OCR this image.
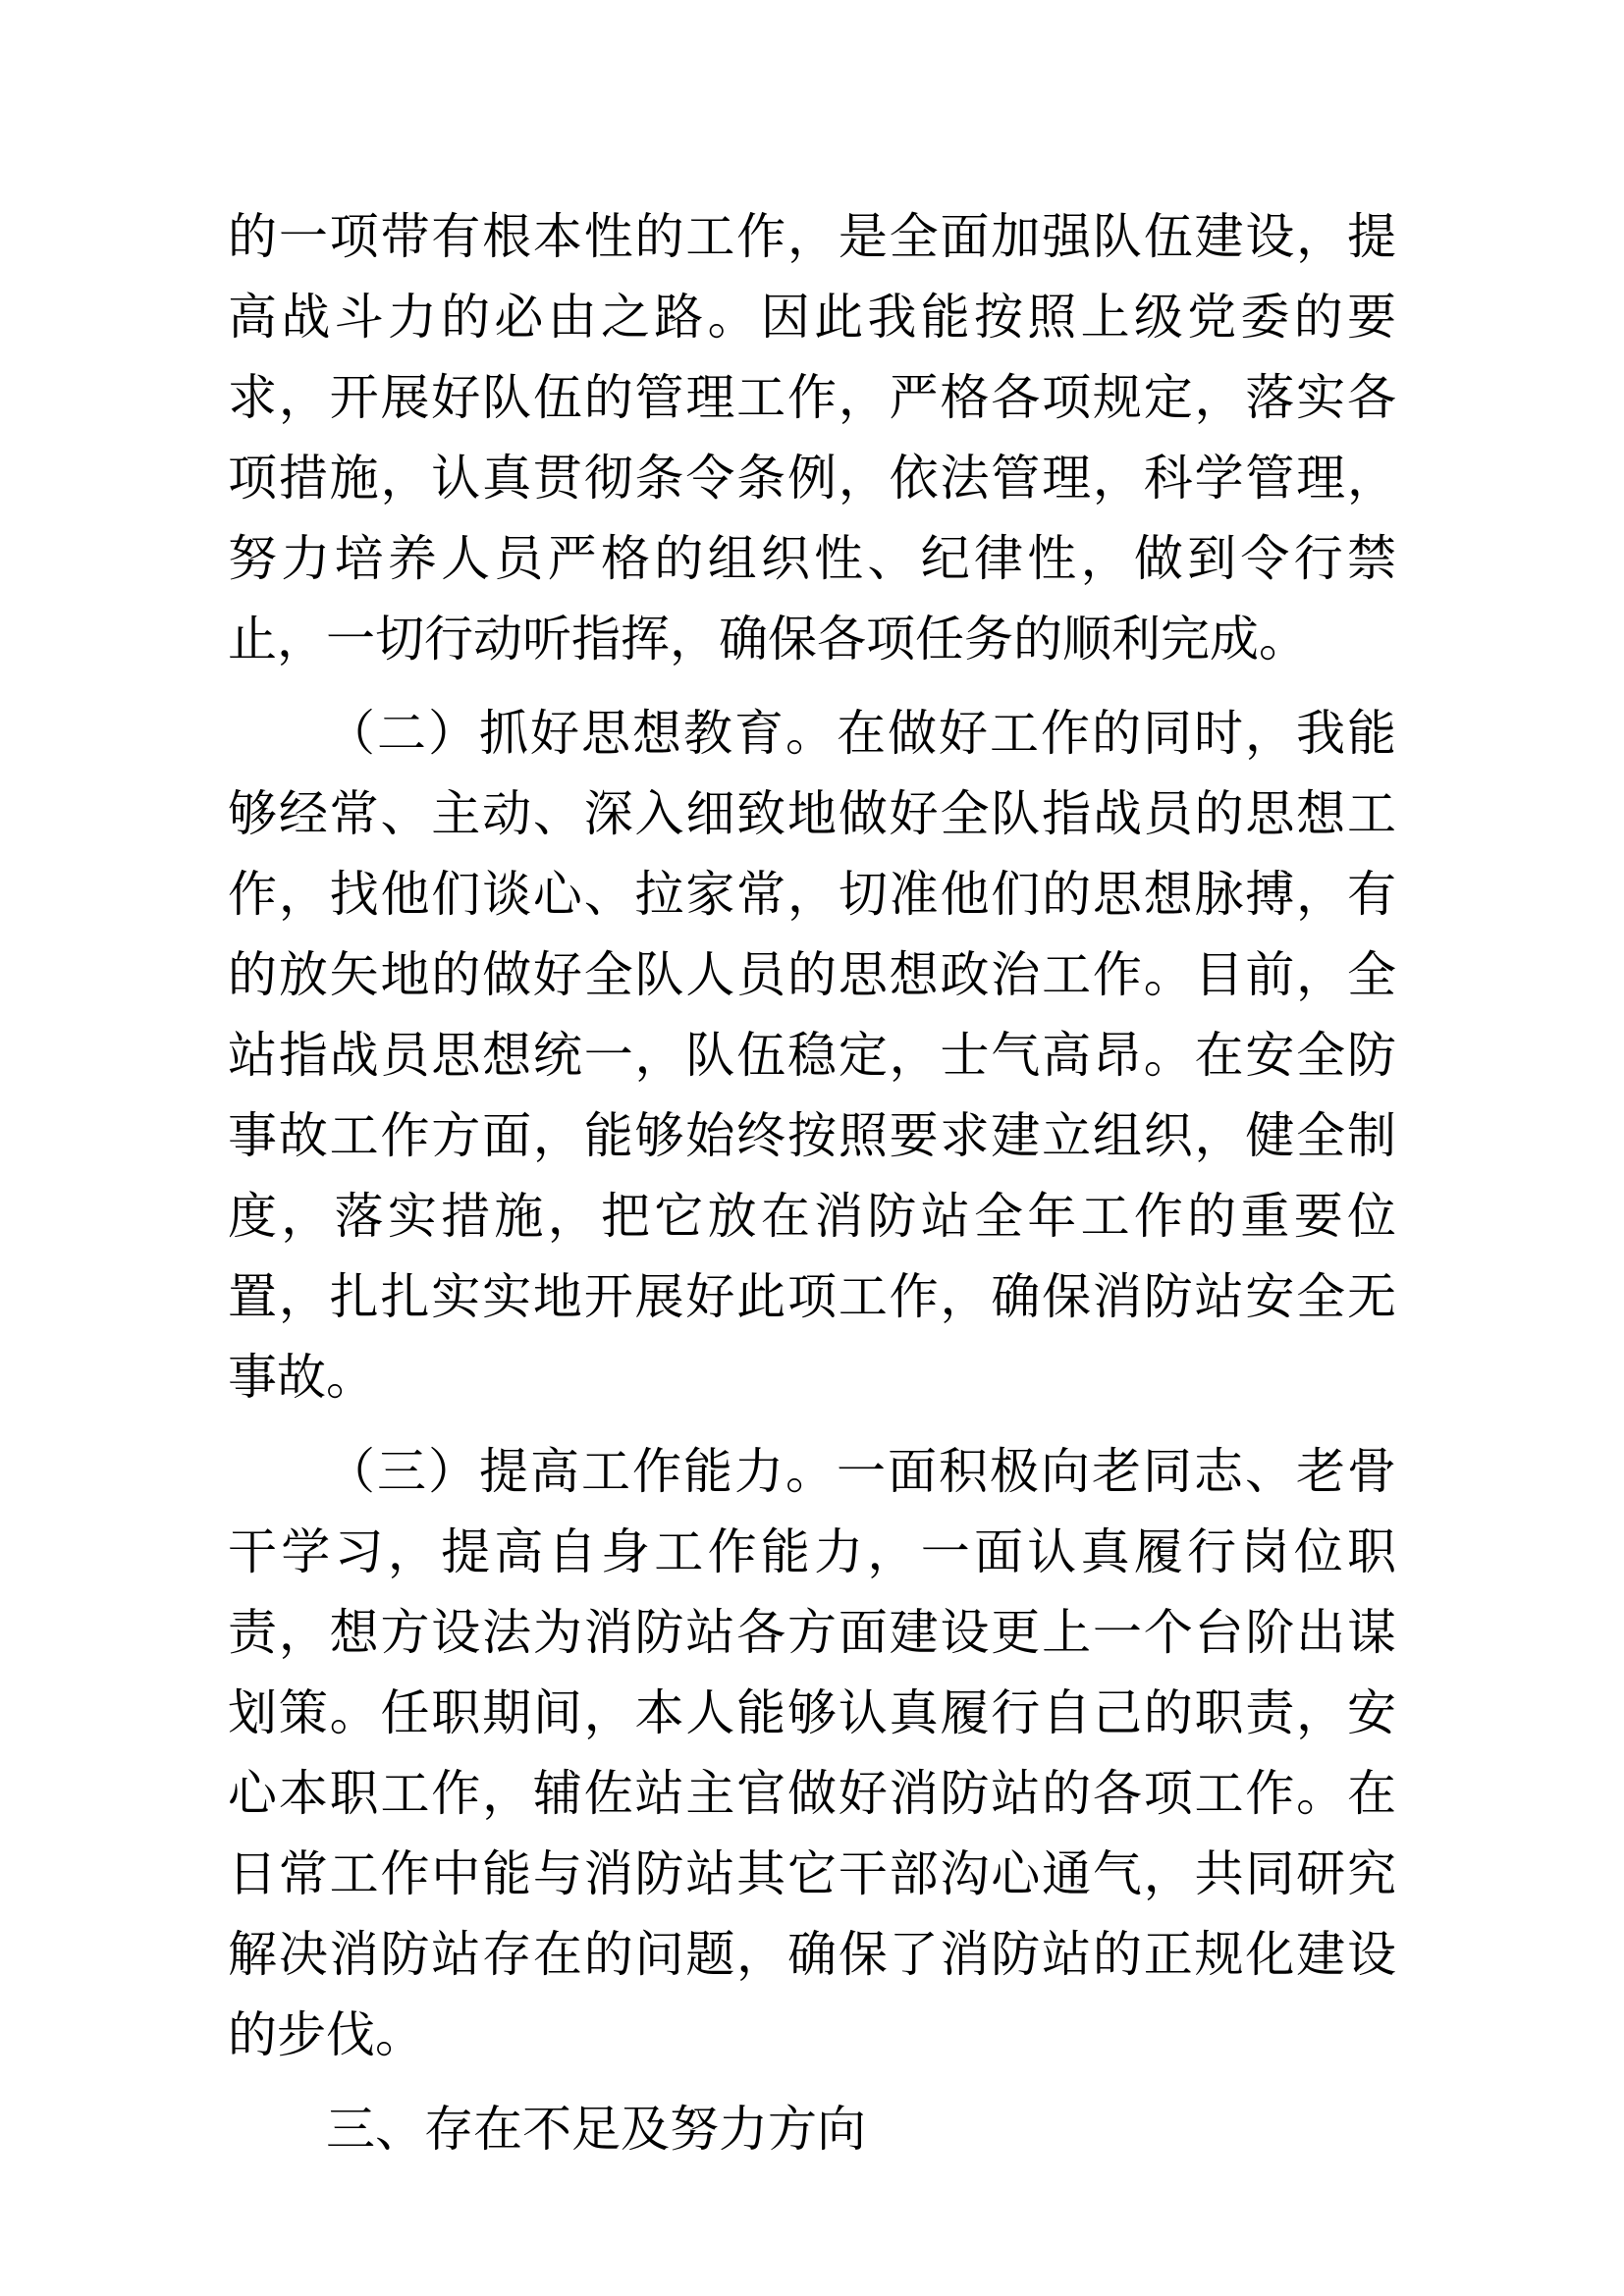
的一项带有根本性的工作，是全面加强队伍建设，提高战斗力的必由之路。因此我能按照上级党委的要求，开展好队伍的管理工作，严格各项规定，落实各项措施，认真贯彻条令条例，依法管理，科学管理，努力培养人员严格的组织性、纪律性，做到令行禁止，一切行动听指挥，确保各项任务的顺利完成。

（二）抓好思想教育。在做好工作的同时，我能够经常、主动、深入细致地做好全队指战员的思想工作，找他们谈心、拉家常，切准他们的思想脉搏，有的放矢地的做好全队人员的思想政治工作。目前，全站指战员思想统一，队伍稳定，士气高昂。在安全防事故工作方面，能够始终按照要求建立组织，健全制度，落实措施，把它放在消防站全年工作的重要位置，扎扎实实地开展好此项工作，确保消防站安全无事故。

（三）提高工作能力。一面积极向老同志、老骨干学习，提高自身工作能力，一面认真履行岗位职责，想方设法为消防站各方面建设更上一个台阶出谋划策。任职期间，本人能够认真履行自己的职责，安心本职工作，辅佐站主官做好消防站的各项工作。在日常工作中能与消防站其它干部沟心通气，共同研究解决消防站存在的问题，确保了消防站的正规化建设的步伐。

三、存在不足及努力方向
